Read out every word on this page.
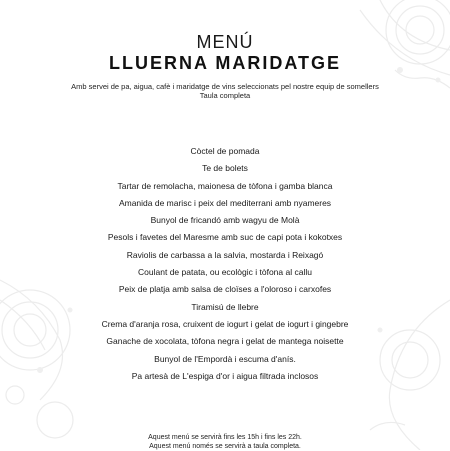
MENÚ
LLUERNA MARIDATGE
Amb servei de pa, aigua, cafè i maridatge de vins seleccionats pel nostre equip de somellers
Taula completa
Còctel de pomada
Te de bolets
Tartar de remolacha, maionesa de tòfona i gamba blanca
Amanida de marisc i peix del mediterrani amb nyameres
Bunyol de fricandó amb wagyu de Molà
Pesols i favetes del Maresme amb suc de capi pota i kokotxes
Raviolis de carbassa a la salvia, mostarda i Reixagó
Coulant de patata, ou ecològic i tòfona al callu
Peix de platja amb salsa de cloïses a l'oloroso i carxofes
Tiramisú de llebre
Crema d'aranja rosa, cruixent de iogurt i gelat de iogurt i gingebre
Ganache de xocolata, tòfona negra i gelat de mantega noisette
Bunyol de l'Empordà i escuma d'anís.
Pa artesà de L'espiga d'or i aigua filtrada inclosos
Aquest menú se servirà fins les 15h i fins les 22h.
Aquest menú només se servirà a taula completa.
